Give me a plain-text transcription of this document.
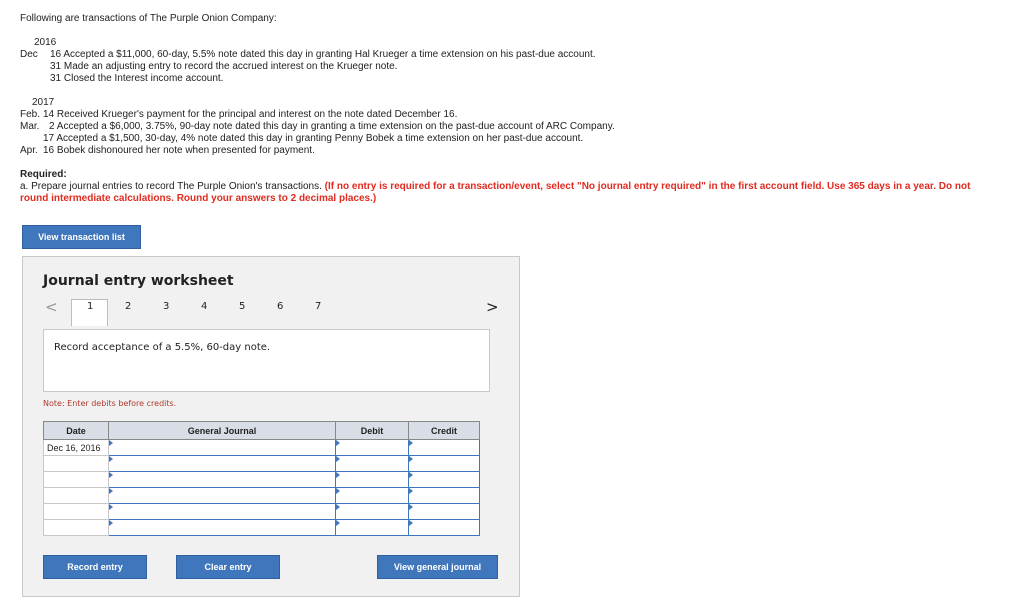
Following are transactions of The Purple Onion Company:
2016
Dec 16 Accepted a $11,000, 60-day, 5.5% note dated this day in granting Hal Krueger a time extension on his past-due account.
31 Made an adjusting entry to record the accrued interest on the Krueger note.
31 Closed the Interest income account.
2017
Feb. 14 Received Krueger's payment for the principal and interest on the note dated December 16.
Mar. 2 Accepted a $6,000, 3.75%, 90-day note dated this day in granting a time extension on the past-due account of ARC Company.
17 Accepted a $1,500, 30-day, 4% note dated this day in granting Penny Bobek a time extension on her past-due account.
Apr. 16 Bobek dishonoured her note when presented for payment.
Required:
a. Prepare journal entries to record The Purple Onion's transactions. (If no entry is required for a transaction/event, select "No journal entry required" in the first account field. Use 365 days in a year. Do not
round intermediate calculations. Round your answers to 2 decimal places.)
View transaction list
Journal entry worksheet
<	1	2	3	4	5	6	7	>
Record acceptance of a 5.5%, 60-day note.
Note: Enter debits before credits.
Date	General Journal	Debit	Credit
Dec 16, 2016	

Record entry	Clear entry	View general journal
